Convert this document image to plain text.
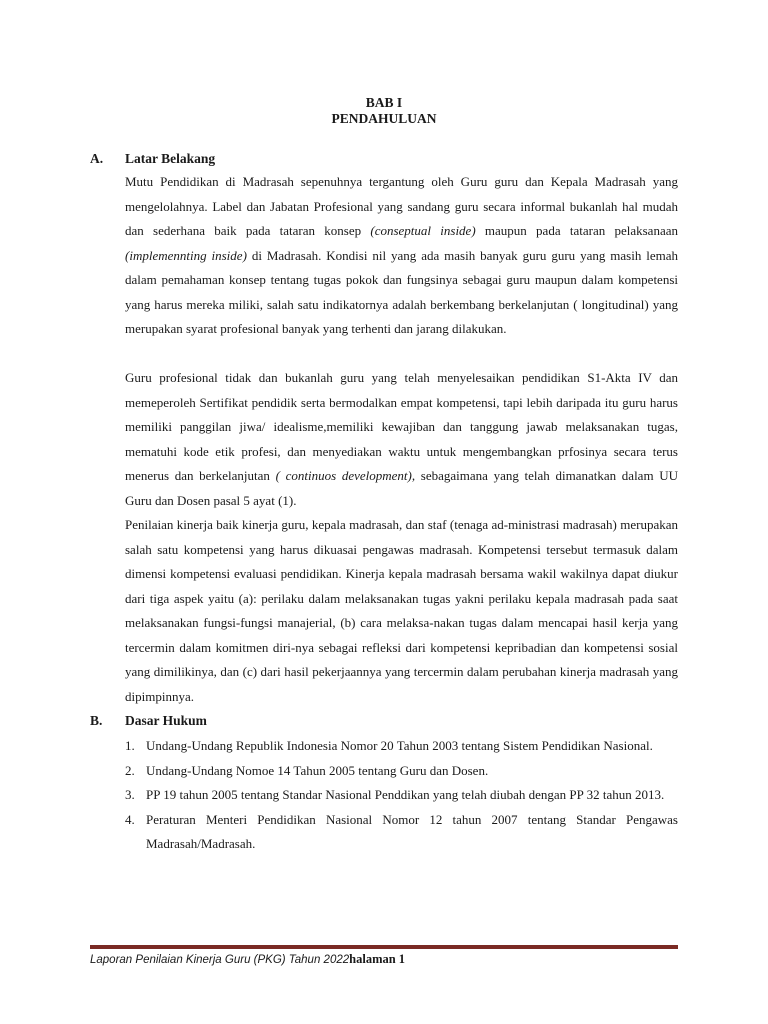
BAB I
PENDAHULUAN
A. Latar Belakang

Mutu Pendidikan di Madrasah sepenuhnya tergantung oleh Guru guru dan Kepala Madrasah yang mengelolahnya. Label dan Jabatan Profesional yang sandang guru secara informal bukanlah hal mudah dan sederhana baik pada tataran konsep (conseptual inside) maupun pada tataran pelaksanaan (implemennting inside) di Madrasah. Kondisi nil yang ada masih banyak guru guru yang masih lemah dalam pemahaman konsep tentang tugas pokok dan fungsinya sebagai guru maupun dalam kompetensi yang harus mereka miliki, salah satu indikatornya adalah berkembang berkelanjutan ( longitudinal) yang merupakan syarat profesional banyak yang terhenti dan jarang dilakukan.

Guru profesional tidak dan bukanlah guru yang telah menyelesaikan pendidikan S1-Akta IV dan memeperoleh Sertifikat pendidik serta bermodalkan empat kompetensi, tapi lebih daripada itu guru harus memiliki panggilan jiwa/ idealisme,memiliki kewajiban dan tanggung jawab melaksanakan tugas, mematuhi kode etik profesi, dan menyediakan waktu untuk mengembangkan prfosinya secara terus menerus dan berkelanjutan ( continuos development), sebagaimana yang telah dimanatkan dalam UU Guru dan Dosen pasal 5 ayat (1).

Penilaian kinerja baik kinerja guru, kepala madrasah, dan staf (tenaga ad-ministrasi madrasah) merupakan salah satu kompetensi yang harus dikuasai pengawas madrasah. Kompetensi tersebut termasuk dalam dimensi kompetensi evaluasi pendidikan. Kinerja kepala madrasah bersama wakil wakilnya dapat diukur dari tiga aspek yaitu (a): perilaku dalam melaksanakan tugas yakni perilaku kepala madrasah pada saat melaksanakan fungsi-fungsi manajerial, (b) cara melaksa-nakan tugas dalam mencapai hasil kerja yang tercermin dalam komitmen diri-nya sebagai refleksi dari kompetensi kepribadian dan kompetensi sosial yang dimilikinya, dan (c) dari hasil pekerjaannya yang tercermin dalam perubahan kinerja madrasah yang dipimpinnya.

B. Dasar Hukum
1. Undang-Undang Republik Indonesia Nomor 20 Tahun 2003 tentang Sistem Pendidikan Nasional.
2. Undang-Undang Nomoe 14 Tahun 2005 tentang Guru dan Dosen.
3. PP 19 tahun 2005 tentang Standar Nasional Penddikan yang telah diubah dengan PP 32 tahun 2013.
4. Peraturan Menteri Pendidikan Nasional Nomor 12 tahun 2007 tentang Standar Pengawas Madrasah/Madrasah.
Laporan Penilaian Kinerja Guru (PKG) Tahun 2022halaman 1
